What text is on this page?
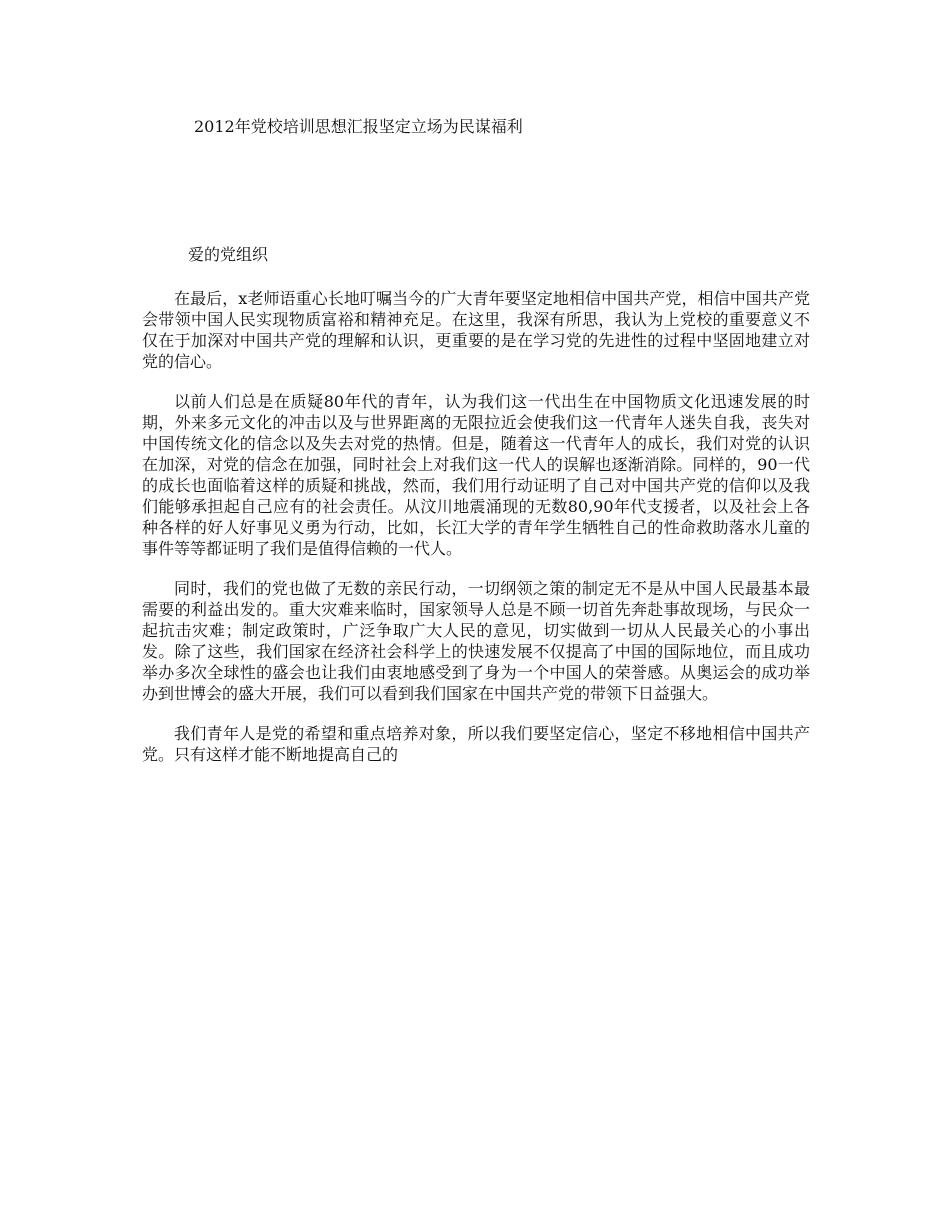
2012年党校培训思想汇报坚定立场为民谋福利
爱的党组织

在最后，x老师语重心长地叮嘱当今的广大青年要坚定地相信中国共产党，相信中国共产党会带领中国人民实现物质富裕和精神充足。在这里，我深有所思，我认为上党校的重要意义不仅在于加深对中国共产党的理解和认识，更重要的是在学习党的先进性的过程中坚固地建立对党的信心。

以前人们总是在质疑80年代的青年，认为我们这一代出生在中国物质文化迅速发展的时期，外来多元文化的冲击以及与世界距离的无限拉近会使我们这一代青年人迷失自我，丧失对中国传统文化的信念以及失去对党的热情。但是，随着这一代青年人的成长，我们对党的认识在加深，对党的信念在加强，同时社会上对我们这一代人的误解也逐渐消除。同样的，90一代的成长也面临着这样的质疑和挑战，然而，我们用行动证明了自己对中国共产党的信仰以及我们能够承担起自己应有的社会责任。从汶川地震涌现的无数80,90年代支援者，以及社会上各种各样的好人好事见义勇为行动，比如，长江大学的青年学生牺牲自己的性命救助落水儿童的事件等等都证明了我们是值得信赖的一代人。

同时，我们的党也做了无数的亲民行动，一切纲领之策的制定无不是从中国人民最基本最需要的利益出发的。重大灾难来临时，国家领导人总是不顾一切首先奔赴事故现场，与民众一起抗击灾难；制定政策时，广泛争取广大人民的意见，切实做到一切从人民最关心的小事出发。除了这些，我们国家在经济社会科学上的快速发展不仅提高了中国的国际地位，而且成功举办多次全球性的盛会也让我们由衷地感受到了身为一个中国人的荣誉感。从奥运会的成功举办到世博会的盛大开展，我们可以看到我们国家在中国共产党的带领下日益强大。

我们青年人是党的希望和重点培养对象，所以我们要坚定信心，坚定不移地相信中国共产党。只有这样才能不断地提高自己的
